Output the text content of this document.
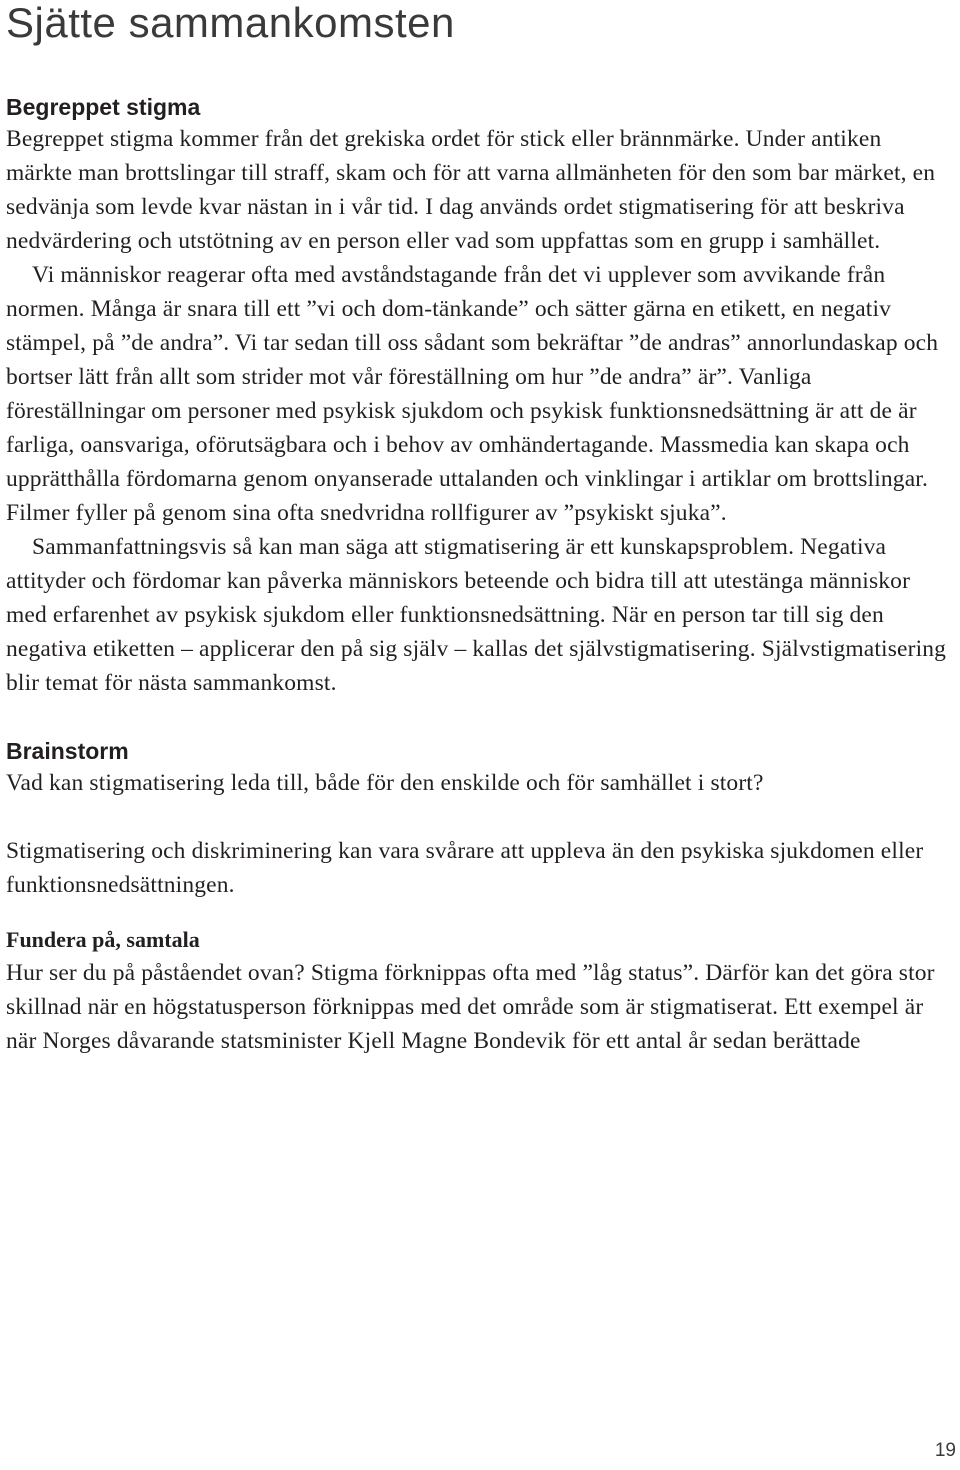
Sjätte sammankomsten
Begreppet stigma

Begreppet stigma kommer från det grekiska ordet för stick eller brännmärke. Under antiken märkte man brottslingar till straff, skam och för att varna allmänheten för den som bar märket, en sedvänja som levde kvar nästan in i vår tid. I dag används ordet stigmatisering för att beskriva nedvärdering och utstötning av en person eller vad som uppfattas som en grupp i samhället.

Vi människor reagerar ofta med avståndstagande från det vi upplever som avvikande från normen. Många är snara till ett ”vi och dom-tänkande” och sätter gärna en etikett, en negativ stämpel, på ”de andra”. Vi tar sedan till oss sådant som bekräftar ”de andras” annorlundaskap och bortser lätt från allt som strider mot vår föreställning om hur ”de andra” är”. Vanliga föreställningar om personer med psykisk sjukdom och psykisk funktionsnedsättning är att de är farliga, oansvariga, oförutsägbara och i behov av omhändertagande. Massmedia kan skapa och upprätthålla fördomarna genom onyanserade uttalanden och vinklingar i artiklar om brottslingar. Filmer fyller på genom sina ofta snedvridna rollfigurer av ”psykiskt sjuka”.

Sammanfattningsvis så kan man säga att stigmatisering är ett kunskapsproblem. Negativa attityder och fördomar kan påverka människors beteende och bidra till att utestänga människor med erfarenhet av psykisk sjukdom eller funktionsnedsättning. När en person tar till sig den negativa etiketten – applicerar den på sig själv – kallas det självstigmatisering. Självstigmatisering blir temat för nästa sammankomst.

Brainstorm

Vad kan stigmatisering leda till, både för den enskilde och för samhället i stort?

Stigmatisering och diskriminering kan vara svårare att uppleva än den psykiska sjukdomen eller funktionsnedsättningen.

Fundera på, samtala

Hur ser du på påståendet ovan? Stigma förknippas ofta med ”låg status”. Därför kan det göra stor skillnad när en högstatusperson förknippas med det område som är stigmatiserat. Ett exempel är när Norges dåvarande statsminister Kjell Magne Bondevik för ett antal år sedan berättade

19
